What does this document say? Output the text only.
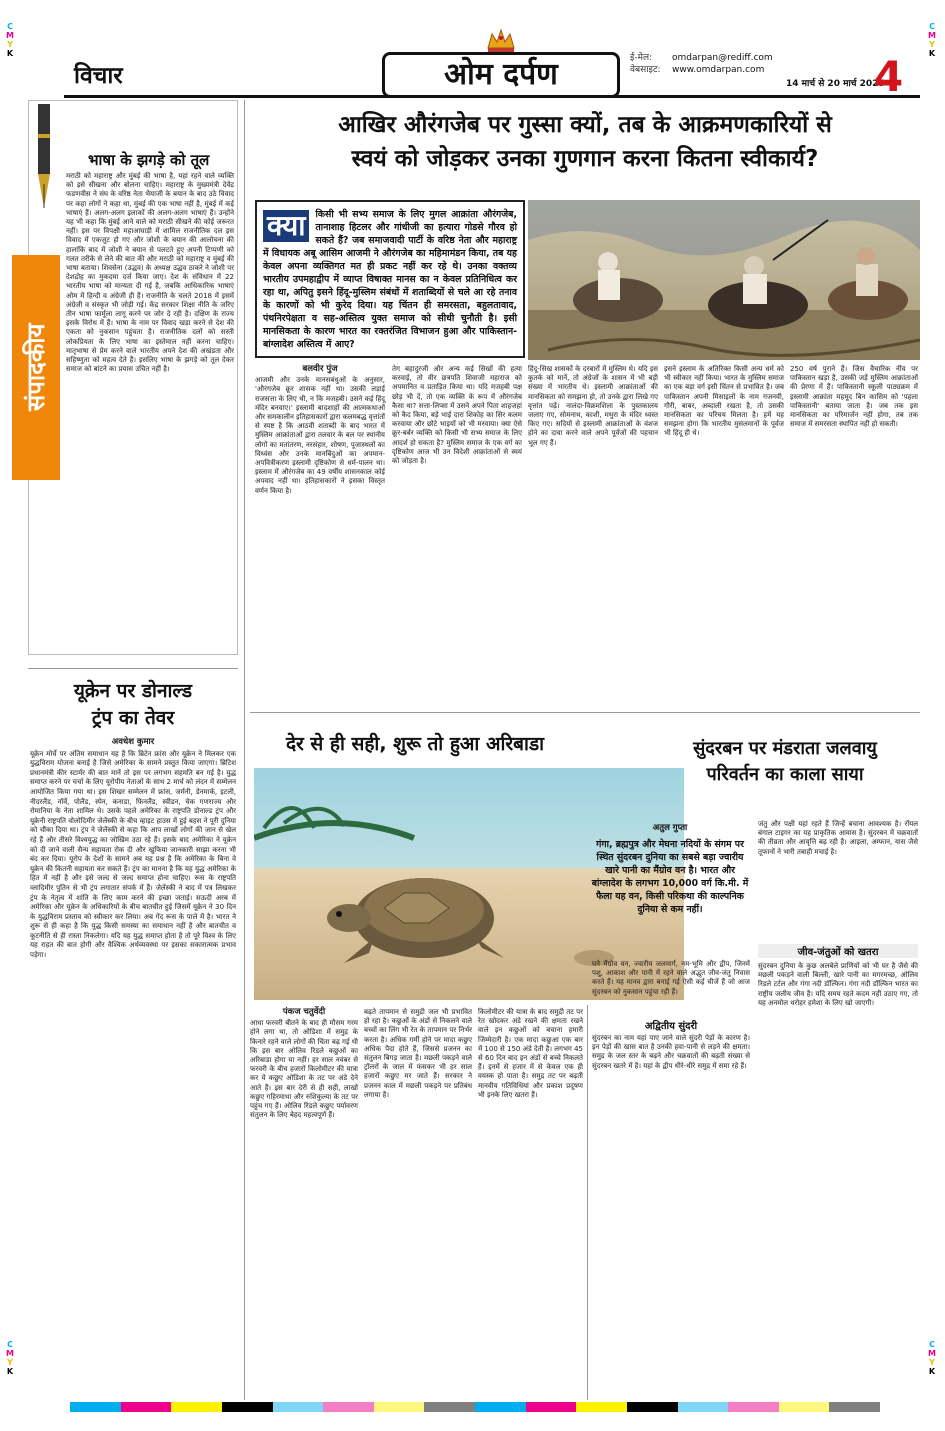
C
M
Y
K
C
M
Y
K
C
M
Y
K
C
M
Y
K
विचार	ओम दर्पण	ई-मेल: omdarpan@rediff.com
वेबसाइट: www.omdarpan.com
14 मार्च से 20 मार्च 2025
4
संपादकीय
भाषा के झगड़े को तूल
मराठी को महाराष्ट्र और मुंबई की भाषा है, यहां रहने वाले व्यक्ति को इसे सीखना और बोलना चाहिए। महाराष्ट्र के मुख्यमंत्री देवेंद्र फडणवीस ने संघ के वरिष्ठ नेता भैयाजी के बयान के बाद उठे विवाद पर कहा लोगों ने कहा था, मुंबई की एक भाषा नहीं है, मुंबई में कई भाषाएं हैं। अलग-अलग इलाकों की अलग-अलग भाषाएं हैं। उन्होंने यह भी कहा कि मुंबई आने वाले को मराठी सीखने की कोई जरूरत नहीं। इस पर विपक्षी महाआघाड़ी में शामिल राजनीतिक दल इस विवाद में एकजुट हो गए और जोशी के बयान की आलोचना की हालांकि बाद में जोशी ने बयान से पलटते हुए अपनी टिप्पणी को गलत तरीके से लेने की बात की और मराठी को महाराष्ट्र व मुंबई की भाषा बताया। शिवसेना (उद्धव) के अध्यक्ष उद्धव ठाकरे ने जोशी पर देशद्रोह का मुकदमा दर्ज किया जाए। देश के संविधान में 22 भारतीय भाषा को मान्यता दी गई है, जबकि आधिकारिक भाषाएं ओम में हिन्दी व अंग्रेजी ही हैं। राजनीति के चलते 2018 में इसमें अंग्रेजी व संस्कृत भी जोड़ी गई। केंद्र सरकार शिक्षा नीति के जरिए तीन भाषा फार्मूला लागू करने पर जोर दे रही है। दक्षिण के राज्य इसके विरोध में हैं। भाषा के नाम पर विवाद खड़ा करने से देश की एकता को नुकसान पहुंचता है। राजनीतिक दलों को सस्ती लोकप्रियता के लिए भाषा का इस्तेमाल नहीं करना चाहिए। मातृभाषा से प्रेम करने वाले भारतीय अपने देश की अखंडता और सहिष्णुता को महत्व देते हैं। इसलिए भाषा के झगड़े को तूल देकर समाज को बांटने का प्रयास उचित नहीं है।
आखिर औरंगजेब पर गुस्सा क्यों, तब के आक्रमणकारियों से
स्वयं को जोड़कर उनका गुणगान करना कितना स्वीकार्य?
क्या	किसी भी सभ्य समाज के लिए मुगल आक्रांता औरंगजेब, तानाशाह हिटलर और गांधीजी का हत्यारा गोडसे गौरव हो सकते हैं? जब समाजवादी पार्टी के वरिष्ठ नेता और महाराष्ट्र में विधायक अबू आसिम आजमी ने औरंगजेब का महिमामंडन किया, तब यह केवल अपना व्यक्तिगत मत ही प्रकट नहीं कर रहे थे। उनका वक्तव्य भारतीय उपमहाद्वीप में व्याप्त विषाक्त मानस का न केवल प्रतिनिधित्व कर रहा था, अपितु इसने हिंदू-मुस्लिम संबंधों में शताब्दियों से चले आ रहे तनाव के कारणों को भी कुरेद दिया। यह चिंतन ही समरसता, बहुलतावाद, पंथनिरपेक्षता व सह-अस्तित्व युक्त समाज को सीधी चुनौती है। इसी मानसिकता के कारण भारत का रक्तरंजित विभाजन हुआ और पाकिस्तान-बांग्लादेश अस्तित्व में आए?
बलवीर पुंज
आजमी और उनके मानसबंधुओं के अनुसार, 'औरंगजेब क्रूर शासक नहीं था। उसकी लड़ाई राजसत्ता के लिए थी, न कि मजहबी। उसने कई हिंदू मंदिर बनवाए।' इस्लामी बादशाहों की आत्मकथाओं और समकालीन इतिहासकारों द्वारा कलमबद्ध वृत्तांतों से स्पष्ट है कि आठवीं शताब्दी के बाद भारत में मुस्लिम आक्रांताओं द्वारा तलवार के बल पर स्थानीय लोगों का मतांतरण, नरसंहार, शोषण, पूजास्थलों का विध्वंस और उनके मानबिंदुओं का अपमान-अपवित्रीकरण इस्लामी दृष्टिकोण से धर्म-पालन था। इस्लाम में औरंगजेब का 49 वर्षीय शासनकाल कोई अपवाद नहीं था। इतिहासकारों ने इसका विस्तृत वर्णन किया है।
तेग बहादुरजी और अन्य कई सिखों की हत्या करवाई, तो वीर छत्रपति शिवाजी महाराज को अपमानित व प्रताड़ित किया था। यदि मजहबी पक्ष छोड़ भी दें, तो एक व्यक्ति के रूप में औरंगजेब कैसा था? सत्ता-लिप्सा में उसने अपने पिता शाहजहां को कैद किया, बड़े भाई दारा शिकोह का सिर कलम करवाया और छोटे भाइयों को भी मरवाया। क्या ऐसे क्रूर-बर्बर व्यक्ति को किसी भी सभ्य समाज के लिए आदर्श हो सकता है? मुस्लिम समाज के एक वर्ग का दृष्टिकोण आज भी उन विदेशी आक्रांताओं से स्वयं को जोड़ता है।
हिंदू-सिख शासकों के दरबारों में मुस्लिम थे। यदि इस कुतर्क को मानें, तो अंग्रेजों के शासन में भी बड़ी संख्या में भारतीय थे। इस्लामी आक्रांताओं की मानसिकता को समझना हो, तो उनके द्वारा लिखे गए वृत्तांत पढ़ें। नालंदा-विक्रमशिला के पुस्तकालय जलाए गए, सोमनाथ, काशी, मथुरा के मंदिर ध्वस्त किए गए। सदियों से इस्लामी आक्रांताओं के वंशज होने का दावा करने वाले अपने पूर्वजों की पहचान भूल गए हैं।
इसने इस्लाम के अतिरिक्त किसी अन्य धर्म को भी स्वीकार नहीं किया। भारत के मुस्लिम समाज का एक बड़ा वर्ग इसी चिंतन से प्रभावित है। जब पाकिस्तान अपनी मिसाइलों के नाम गजनवी, गौरी, बाबर, अब्दाली रखता है, तो उसकी मानसिकता का परिचय मिलता है। हमें यह समझना होगा कि भारतीय मुसलमानों के पूर्वज भी हिंदू ही थे।
250 वर्ष पुराने हैं। जिस वैचारिक नींव पर पाकिस्तान खड़ा है, उसकी जड़ें मुस्लिम आक्रांताओं की प्रेरणा में हैं। पाकिस्तानी स्कूली पाठ्यक्रम में इस्लामी आक्रांता महमूद बिन कासिम को 'पहला पाकिस्तानी' बताया जाता है। जब तक इस मानसिकता का परिमार्जन नहीं होगा, तब तक समाज में समरसता स्थापित नहीं हो सकती।
यूक्रेन पर डोनाल्ड
ट्रंप का तेवर
अवधेश कुमार
यूक्रेन मोर्चे पर अंतिम समाधान यह है कि ब्रिटेन फ्रांस और यूक्रेन ने मिलकर एक युद्धविराम योजना बनाई है जिसे अमेरिका के सामने प्रस्तुत किया जाएगा। ब्रिटिश प्रधानमंत्री कीर स्टार्मर की बात मानें तो इस पर लगभग सहमति बन गई है। युद्ध समाप्त करने पर चर्चा के लिए यूरोपीय नेताओं के साथ 2 मार्च को लंदन में सम्मेलन आयोजित किया गया था। इस शिखर सम्मेलन में फ्रांस, जर्मनी, डेनमार्क, इटली, नीदरलैंड, नॉर्वे, पोलैंड, स्पेन, कनाडा, फिनलैंड, स्वीडन, चेक गणराज्य और रोमानिया के नेता शामिल थे। उसके पहले अमेरिका के राष्ट्रपति डोनाल्ड ट्रंप और यूक्रेनी राष्ट्रपति वोलोदिमीर जेलेंस्की के बीच व्हाइट हाउस में हुई बहस ने पूरी दुनिया को चौंका दिया था। ट्रंप ने जेलेंस्की से कहा कि आप लाखों लोगों की जान से खेल रहे हैं और तीसरे विश्वयुद्ध का जोखिम उठा रहे हैं। इसके बाद अमेरिका ने यूक्रेन को दी जाने वाली सैन्य सहायता रोक दी और खुफिया जानकारी साझा करना भी बंद कर दिया। यूरोप के देशों के सामने अब यह प्रश्न है कि अमेरिका के बिना वे यूक्रेन की कितनी सहायता कर सकते हैं। ट्रंप का मानना है कि यह युद्ध अमेरिका के हित में नहीं है और इसे जल्द से जल्द समाप्त होना चाहिए। रूस के राष्ट्रपति व्लादिमीर पुतिन से भी ट्रंप लगातार संपर्क में हैं। जेलेंस्की ने बाद में पत्र लिखकर ट्रंप के नेतृत्व में शांति के लिए काम करने की इच्छा जताई। सऊदी अरब में अमेरिका और यूक्रेन के अधिकारियों के बीच बातचीत हुई जिसमें यूक्रेन ने 30 दिन के युद्धविराम प्रस्ताव को स्वीकार कर लिया। अब गेंद रूस के पाले में है। भारत ने शुरू से ही कहा है कि युद्ध किसी समस्या का समाधान नहीं है और बातचीत व कूटनीति से ही रास्ता निकलेगा। यदि यह युद्ध समाप्त होता है तो पूरे विश्व के लिए यह राहत की बात होगी और वैश्विक अर्थव्यवस्था पर इसका सकारात्मक प्रभाव पड़ेगा।
देर से ही सही, शुरू तो हुआ अरिबाडा
पंकज चतुर्वेदी
आधा फरवरी बीतने के बाद ही मौसम गरम होने लगा था, तो ओडिशा में समुद्र के किनारे रहने वाले लोगों की चिंता बढ़ गई थी कि इस बार ओलिव रिडले कछुओं का अरिबाडा होगा या नहीं। हर साल नवंबर से फरवरी के बीच हजारों किलोमीटर की यात्रा कर ये कछुए ओडिशा के तट पर अंडे देने आते हैं। इस बार देरी से ही सही, लाखों कछुए गहिरमाथा और रुशिकुल्या के तट पर पहुंच गए हैं। ओलिव रिडले कछुए पर्यावरण संतुलन के लिए बेहद महत्वपूर्ण हैं।
बढ़ते तापमान से समुद्री जल भी प्रभावित हो रहा है। कछुओं के अंडों से निकलने वाले बच्चों का लिंग भी रेत के तापमान पर निर्भर करता है। अधिक गर्मी होने पर मादा कछुए अधिक पैदा होते हैं, जिससे प्रजनन का संतुलन बिगड़ जाता है। मछली पकड़ने वाले ट्रॉलरों के जाल में फंसकर भी हर साल हजारों कछुए मर जाते हैं। सरकार ने प्रजनन काल में मछली पकड़ने पर प्रतिबंध लगाया है।
किलोमीटर की यात्रा के बाद समुद्री तट पर रेत खोदकर अंडे रखने की क्षमता रखने वाले इन कछुओं को बचाना हमारी जिम्मेदारी है। एक मादा कछुआ एक बार में 100 से 150 अंडे देती है। लगभग 45 से 60 दिन बाद इन अंडों से बच्चे निकलते हैं। इनमें से हजार में से केवल एक ही वयस्क हो पाता है। समुद्र तट पर बढ़ती मानवीय गतिविधियां और प्रकाश प्रदूषण भी इनके लिए खतरा हैं।
सुंदरबन पर मंडराता जलवायु
परिवर्तन का काला साया
अतुल गुप्ता
गंगा, ब्रह्मपुत्र और मेघना नदियों के संगम पर स्थित सुंदरबन दुनिया का सबसे बड़ा ज्वारीय खारे पानी का मैंग्रोव वन है। भारत और बांग्लादेश के लगभग 10,000 वर्ग कि.मी. में फैला यह वन, किसी परिकथा की काल्पनिक दुनिया से कम नहीं।
घने मैंग्रोव वन, ज्वारीय जलमार्ग, नम-भूमि और द्वीप, जिनमें पशु, आकाश और पानी में रहने वाले अद्भुत जीव-जंतु निवास करते हैं। यह मानव द्वारा बनाई गई ऐसी कई चीजें हैं जो आज सुंदरबन को नुकसान पहुंचा रही हैं।
अद्वितीय सुंदरी
सुंदरबन का नाम यहां पाए जाने वाले सुंदरी पेड़ों के कारण है। इन पेड़ों की खास बात है उनकी हवा-पानी से लड़ने की क्षमता। समुद्र के जल स्तर के बढ़ने और चक्रवातों की बढ़ती संख्या से सुंदरबन खतरे में है। यहां के द्वीप धीरे-धीरे समुद्र में समा रहे हैं।
जंतु और पक्षी यहां रहते हैं जिन्हें बचाना आवश्यक है। रॉयल बंगाल टाइगर का यह प्राकृतिक आवास है। सुंदरबन में चक्रवातों की तीव्रता और आवृत्ति बढ़ रही है। आइला, अम्फान, यास जैसे तूफानों ने भारी तबाही मचाई है।
जीव-जंतुओं को खतरा
सुंदरबन दुनिया के कुछ अलबेले प्राणियों को भी घर है जैसे की मछली पकड़ने वाली बिल्ली, खारे पानी का मगरमच्छ, ओलिव रिडले टर्टल और गंगा नदी डॉल्फिन। गंगा नदी डॉल्फिन भारत का राष्ट्रीय जलीय जीव है। यदि समय रहते कदम नहीं उठाए गए, तो यह अनमोल धरोहर हमेशा के लिए खो जाएगी।
